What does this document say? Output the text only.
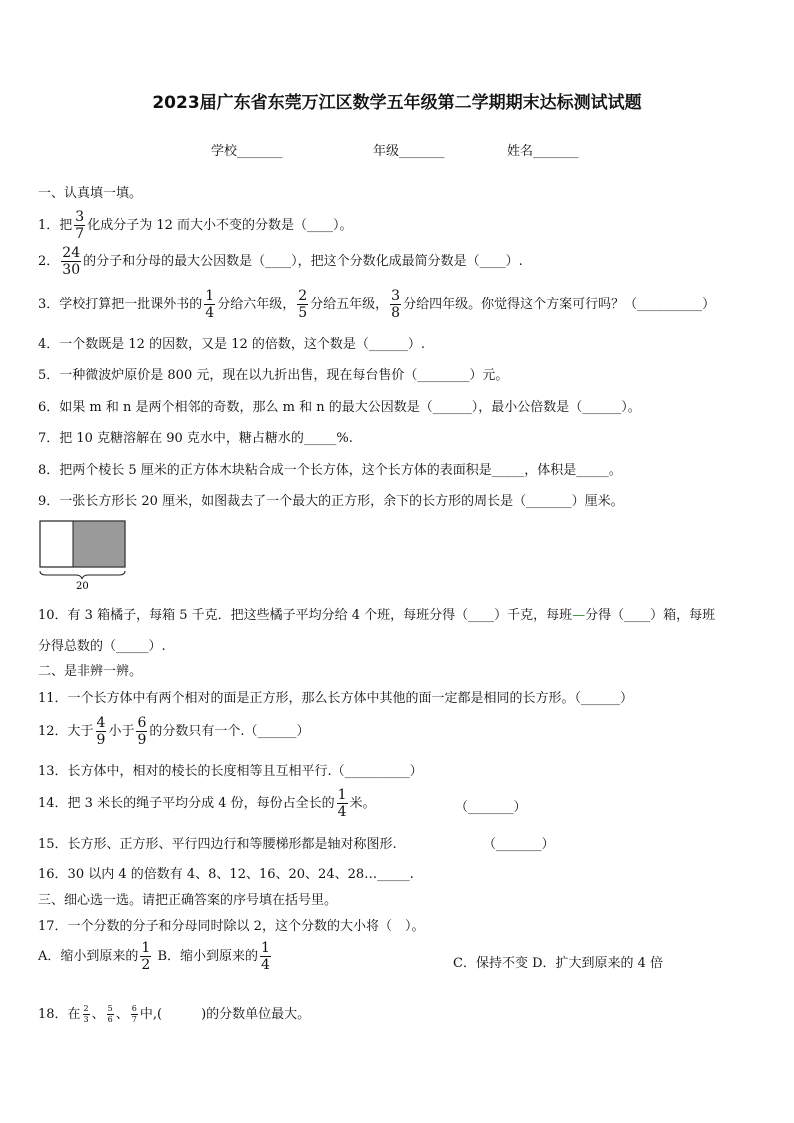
2023届广东省东莞万江区数学五年级第二学期期末达标测试试题
学校_______	年级_______	姓名_______
一、认真填一填。
1．把 $\frac{3}{7}$ 化成分子为 12 而大小不变的分数是（____）。
2． $\frac{24}{30}$ 的分子和分母的最大公因数是（____），把这个分数化成最简分数是（____）.
3．学校打算把一批课外书的 $\frac{1}{4}$ 分给六年级， $\frac{2}{5}$ 分给五年级， $\frac{3}{8}$ 分给四年级。你觉得这个方案可行吗？（__________）
4．一个数既是 12 的因数，又是 12 的倍数，这个数是（______）.
5．一种微波炉原价是 800 元，现在以九折出售，现在每台售价（________）元。
6．如果 m 和 n 是两个相邻的奇数，那么 m 和 n 的最大公因数是（______），最小公倍数是（______）。
7．把 10 克糖溶解在 90 克水中，糖占糖水的_____%.
8．把两个棱长 5 厘米的正方体木块粘合成一个长方体，这个长方体的表面积是_____，体积是_____。
9．一张长方形长 20 厘米，如图裁去了一个最大的正方形，余下的长方形的周长是（_______）厘米。
20
10．有 3 箱橘子，每箱 5 千克．把这些橘子平均分给 4 个班，每班分得（____）千克，每班—分得（____）箱，每班
分得总数的（_____）.
二、是非辨一辨。
11．一个长方体中有两个相对的面是正方形，那么长方体中其他的面一定都是相同的长方形。（______）
12．大于 $\frac{4}{9}$ 小于 $\frac{6}{9}$ 的分数只有一个.（______）
13．长方体中，相对的棱长的长度相等且互相平行.（__________）
14．把 3 米长的绳子平均分成 4 份，每份占全长的 $\frac{1}{4}$ 米。	（_______）
15．长方形、正方形、平行四边行和等腰梯形都是轴对称图形.	（_______）
16．30 以内 4 的倍数有 4、8、12、16、20、24、28…_____.
三、细心选一选。请把正确答案的序号填在括号里。
17．一个分数的分子和分母同时除以 2，这个分数的大小将（　）。
A．缩小到原来的 $\frac{1}{2}$ B．缩小到原来的 $\frac{1}{4}$	C．保持不变 D．扩大到原来的 4 倍
18．在 $\frac{2}{3}$ 、 $\frac{5}{6}$ 、 $\frac{6}{7}$ 中,(　　　)的分数单位最大。
